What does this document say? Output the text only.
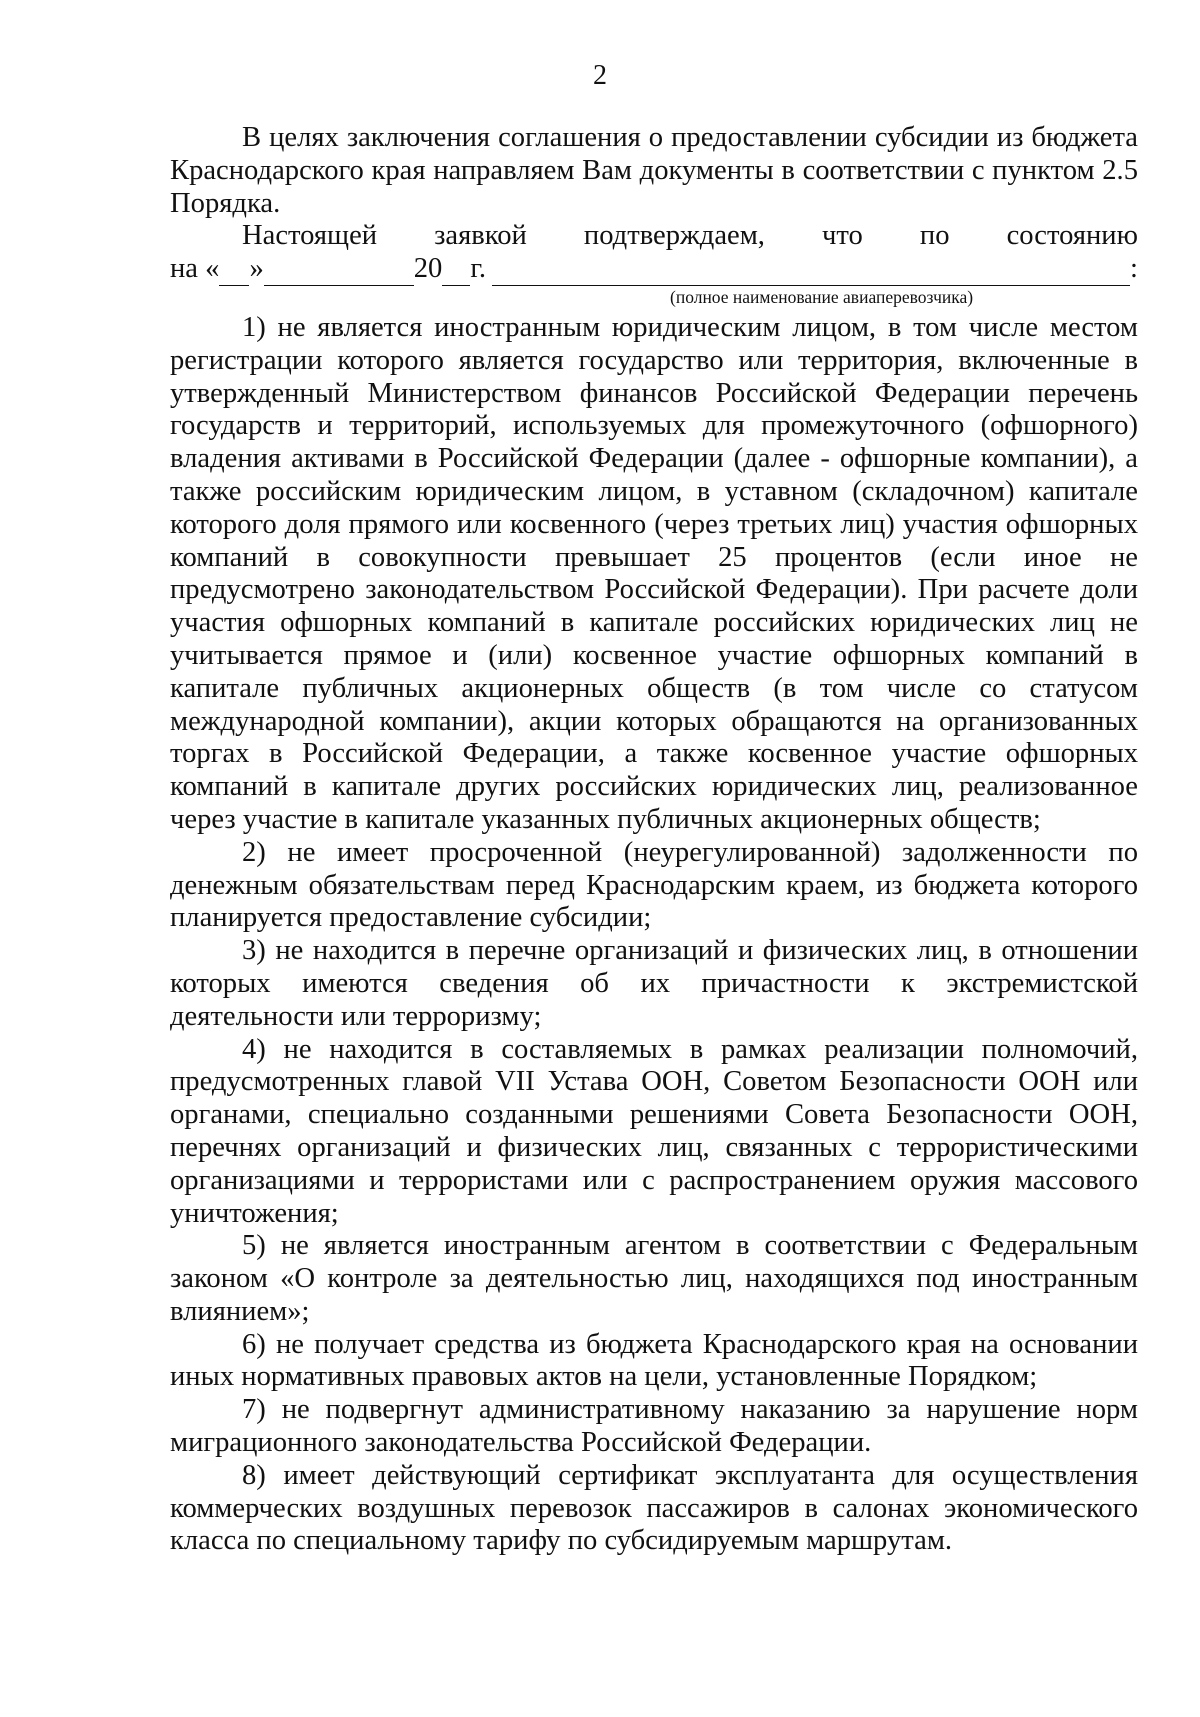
2

В целях заключения соглашения о предоставлении субсидии из бюджета Краснодарского края направляем Вам документы в соответствии с пунктом 2.5 Порядка.

Настоящей заявкой подтверждаем, что по состоянию
на « »	20 г.	:

(полное наименование авиаперевозчика)

1) не является иностранным юридическим лицом, в том числе местом регистрации которого является государство или территория, включенные в утвержденный Министерством финансов Российской Федерации перечень государств и территорий, используемых для промежуточного (офшорного) владения активами в Российской Федерации (далее - офшорные компании), а также российским юридическим лицом, в уставном (складочном) капитале которого доля прямого или косвенного (через третьих лиц) участия офшорных компаний в совокупности превышает 25 процентов (если иное не предусмотрено законодательством Российской Федерации). При расчете доли участия офшорных компаний в капитале российских юридических лиц не учитывается прямое и (или) косвенное участие офшорных компаний в капитале публичных акционерных обществ (в том числе со статусом международной компании), акции которых обращаются на организованных торгах в Российской Федерации, а также косвенное участие офшорных компаний в капитале других российских юридических лиц, реализованное через участие в капитале указанных публичных акционерных обществ;

2) не имеет просроченной (неурегулированной) задолженности по денежным обязательствам перед Краснодарским краем, из бюджета которого планируется предоставление субсидии;

3) не находится в перечне организаций и физических лиц, в отношении которых имеются сведения об их причастности к экстремистской деятельности или терроризму;

4) не находится в составляемых в рамках реализации полномочий, предусмотренных главой VII Устава ООН, Советом Безопасности ООН или органами, специально созданными решениями Совета Безопасности ООН, перечнях организаций и физических лиц, связанных с террористическими организациями и террористами или с распространением оружия массового уничтожения;

5) не является иностранным агентом в соответствии с Федеральным законом «О контроле за деятельностью лиц, находящихся под иностранным влиянием»;

6) не получает средства из бюджета Краснодарского края на основании иных нормативных правовых актов на цели, установленные Порядком;

7) не подвергнут административному наказанию за нарушение норм миграционного законодательства Российской Федерации.

8) имеет действующий сертификат эксплуатанта для осуществления коммерческих воздушных перевозок пассажиров в салонах экономического класса по специальному тарифу по субсидируемым маршрутам.
